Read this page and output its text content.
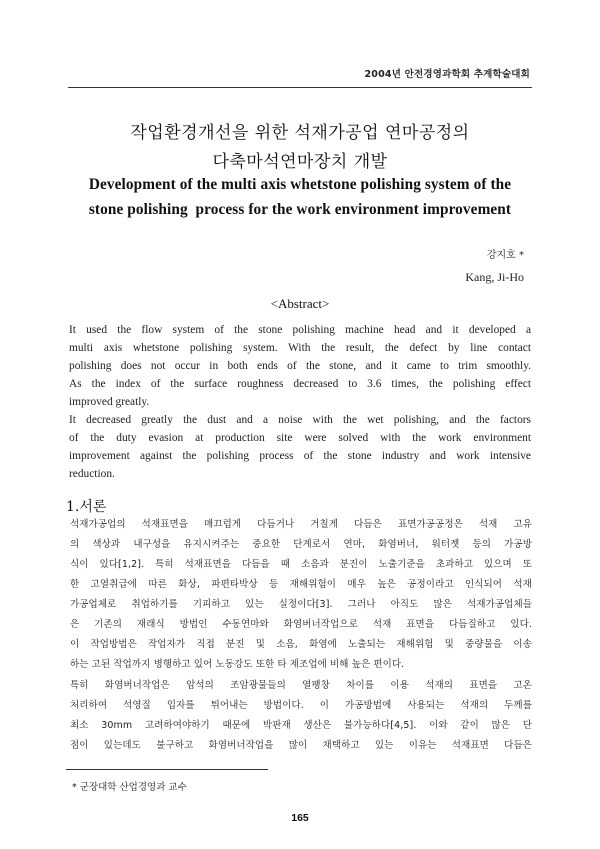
2004년 안전경영과학회 추계학술대회
작업환경개선을 위한 석재가공업 연마공정의
다축마석연마장치 개발
Development of the multi axis whetstone polishing system of the
stone polishing  process for the work environment improvement
강지호 *
Kang, Ji-Ho
<Abstract>
It used the flow system of the stone polishing machine head and it developed a
multi axis whetstone polishing system. With the result, the defect by line contact
polishing does not occur in both ends of the stone, and it came to trim smoothly.
As the index of the surface roughness decreased to 3.6 times, the polishing effect
improved greatly.
It decreased greatly the dust and a noise with the wet polishing, and the factors
of the duty evasion at production site were solved with the work environment
improvement against the polishing process of the stone industry and work intensive
reduction.
1.서론
석재가공업의 석재표면을 매끄럽게 다듬거나 거칠게 다듬은 표면가공공정은 석재 고유
의 색상과 내구성을 유지시켜주는 중요한 단계로서 연마, 화염버너, 워터젯 등의 가공방
식이 있다[1,2]. 특히 석재표면을 다듬을 때 소음과 분진이 노출기준을 초과하고 있으며 또
한 고열취급에 따른 화상, 파편타박상 등 재해위험이 매우 높은 공정이라고 인식되어 석재
가공업체로 취업하기를 기피하고 있는 실정이다[3]. 그러나 아직도 많은 석재가공업체들
은 기존의 재래식 방법인 수동연마와 화염버너작업으로 석재 표면을 다듬질하고 있다.
이 작업방법은 작업자가 직접 분진 및 소음, 화염에 노출되는 재해위험 및 중량물을 이송
하는 고된 작업까지 병행하고 있어 노동강도 또한 타 제조업에 비해 높은 편이다.
특히 화염버너작업은 암석의 조암광물들의 열팽창 차이를 이용 석재의 표면을 고온
처리하여 석영질 입자를 튀어내는 방법이다. 이 가공방법에 사용되는 석재의 두께를
최소 30mm 고려하여야하기 때문에 박판재 생산은 불가능하다[4,5]. 이와 같이 많은 단
점이 있는데도 불구하고 화염버너작업을 많이 채택하고 있는 이유는 석재표면 다듬은
* 군장대학 산업경영과 교수
165
